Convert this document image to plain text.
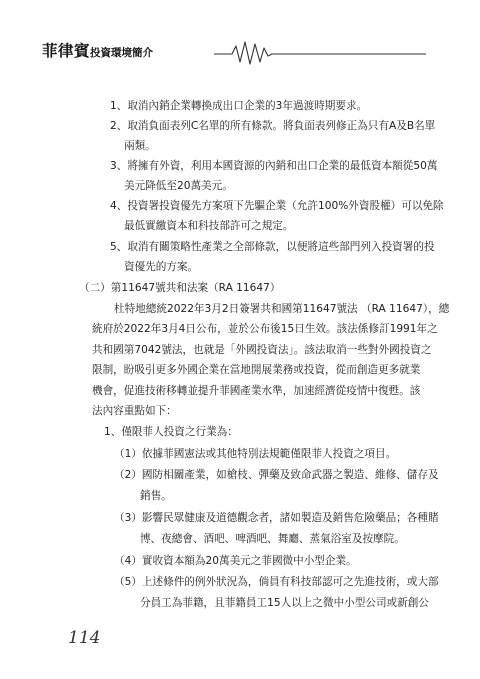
菲律賓投資環境簡介
1、取消內銷企業轉換成出口企業的3年過渡時期要求。
2、取消負面表列C名單的所有條款。將負面表列修正為只有A及B名單
兩類。
3、將擁有外資，利用本國資源的內銷和出口企業的最低資本額從50萬
美元降低至20萬美元。
4、投資署投資優先方案項下先驅企業（允許100%外資股權）可以免除
最低實繳資本和科技部許可之規定。
5、取消有關策略性產業之全部條款，以便將這些部門列入投資署的投
資優先的方案。
（二）第11647號共和法案（RA 11647）
杜特地總統2022年3月2日簽署共和國第11647號法 （RA 11647），總
統府於2022年3月4日公布，並於公布後15日生效。該法係修訂1991年之
共和國第7042號法，也就是「外國投資法」。該法取消一些對外國投資之
限制，盼吸引更多外國企業在當地開展業務或投資，從而創造更多就業
機會，促進技術移轉並提升菲國產業水準，加速經濟從疫情中復甦。該
法內容重點如下：
1、僅限菲人投資之行業為：
（1）依據菲國憲法或其他特別法規範僅限菲人投資之項目。
（2）國防相關產業，如槍枝、彈藥及致命武器之製造、維修、儲存及
銷售。
（3）影響民眾健康及道德觀念者，諸如製造及銷售危險藥品；各種賭
博、夜總會、酒吧、啤酒吧、舞廳、蒸氣浴室及按摩院。
（4）實收資本額為20萬美元之菲國微中小型企業。
（5）上述條件的例外狀況為，倘員有科技部認可之先進技術，或大部
分員工為菲籍，且菲籍員工15人以上之微中小型公司或新創公
114
